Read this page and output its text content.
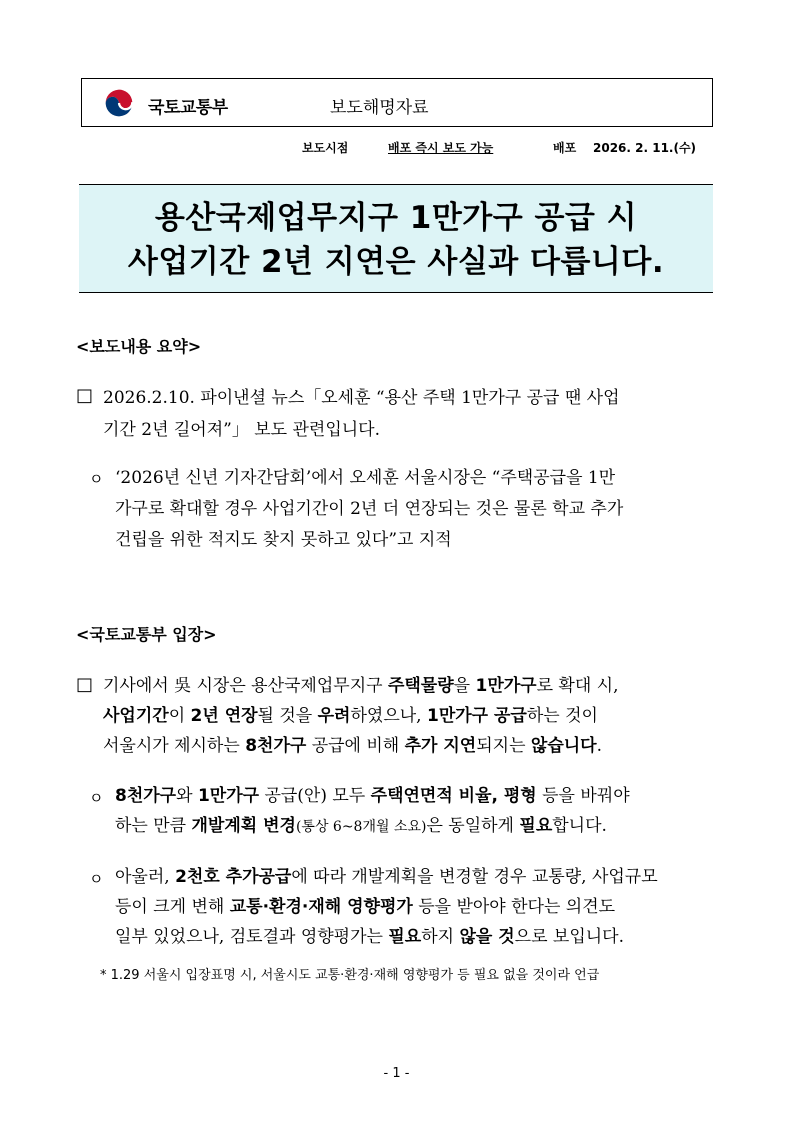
국토교통부	보도해명자료
보도시점	배포 즉시 보도 가능	배포 2026. 2. 11.(수)
용산국제업무지구 1만가구 공급 시
사업기간 2년 지연은 사실과 다릅니다.
<보도내용 요약>
□ 2026.2.10. 파이낸셜 뉴스「오세훈 “용산 주택 1만가구 공급 땐 사업
기간 2년 길어져”」 보도 관련입니다.
ㅇ ‘2026년 신년 기자간담회’에서 오세훈 서울시장은 “주택공급을 1만
가구로 확대할 경우 사업기간이 2년 더 연장되는 것은 물론 학교 추가
건립을 위한 적지도 찾지 못하고 있다”고 지적
<국토교통부 입장>
□ 기사에서 吳 시장은 용산국제업무지구 주택물량을 1만가구로 확대 시,
사업기간이 2년 연장될 것을 우려하였으나, 1만가구 공급하는 것이
서울시가 제시하는 8천가구 공급에 비해 추가 지연되지는 않습니다.
ㅇ 8천가구와 1만가구 공급(안) 모두 주택연면적 비율, 평형 등을 바꿔야
하는 만큼 개발계획 변경(통상 6~8개월 소요)은 동일하게 필요합니다.
ㅇ 아울러, 2천호 추가공급에 따라 개발계획을 변경할 경우 교통량, 사업규모
등이 크게 변해 교통·환경·재해 영향평가 등을 받아야 한다는 의견도
일부 있었으나, 검토결과 영향평가는 필요하지 않을 것으로 보입니다.
* 1.29 서울시 입장표명 시, 서울시도 교통·환경·재해 영향평가 등 필요 없을 것이라 언급
- 1 -
